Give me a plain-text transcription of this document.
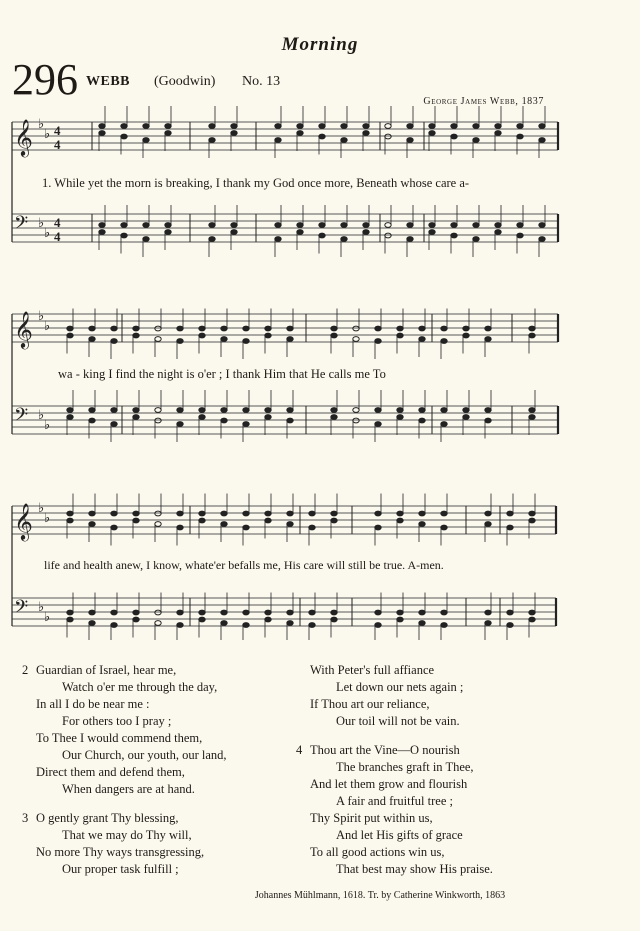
Morning
296 WEBB (Goodwin) No. 13
George James Webb, 1837
𝄞 ♭
♭ 4
4
𝄢 ♭
♭
4
4
𝄞 ♭
♭
𝄢 ♭
♭
𝄞 ♭
♭
𝄢 ♭
♭
1. While yet the morn is breaking, I thank my God once more, Beneath whose care a-
wa - king I find the night is o'er ; I thank Him that He calls me To
life and health anew, I know, whate'er befalls me, His care will still be true. A-men.
2 Guardian of Israel, hear me,
Watch o'er me through the day,
In all I do be near me :
For others too I pray ;
To Thee I would commend them,
Our Church, our youth, our land,
Direct them and defend them,
When dangers are at hand.
3 O gently grant Thy blessing,
That we may do Thy will,
No more Thy ways transgressing,
Our proper task fulfill ;
With Peter's full affiance
Let down our nets again ;
If Thou art our reliance,
Our toil will not be vain.
4 Thou art the Vine—O nourish
The branches graft in Thee,
And let them grow and flourish
A fair and fruitful tree ;
Thy Spirit put within us,
And let His gifts of grace
To all good actions win us,
That best may show His praise.
Johannes Mühlmann, 1618. Tr. by Catherine Winkworth, 1863
